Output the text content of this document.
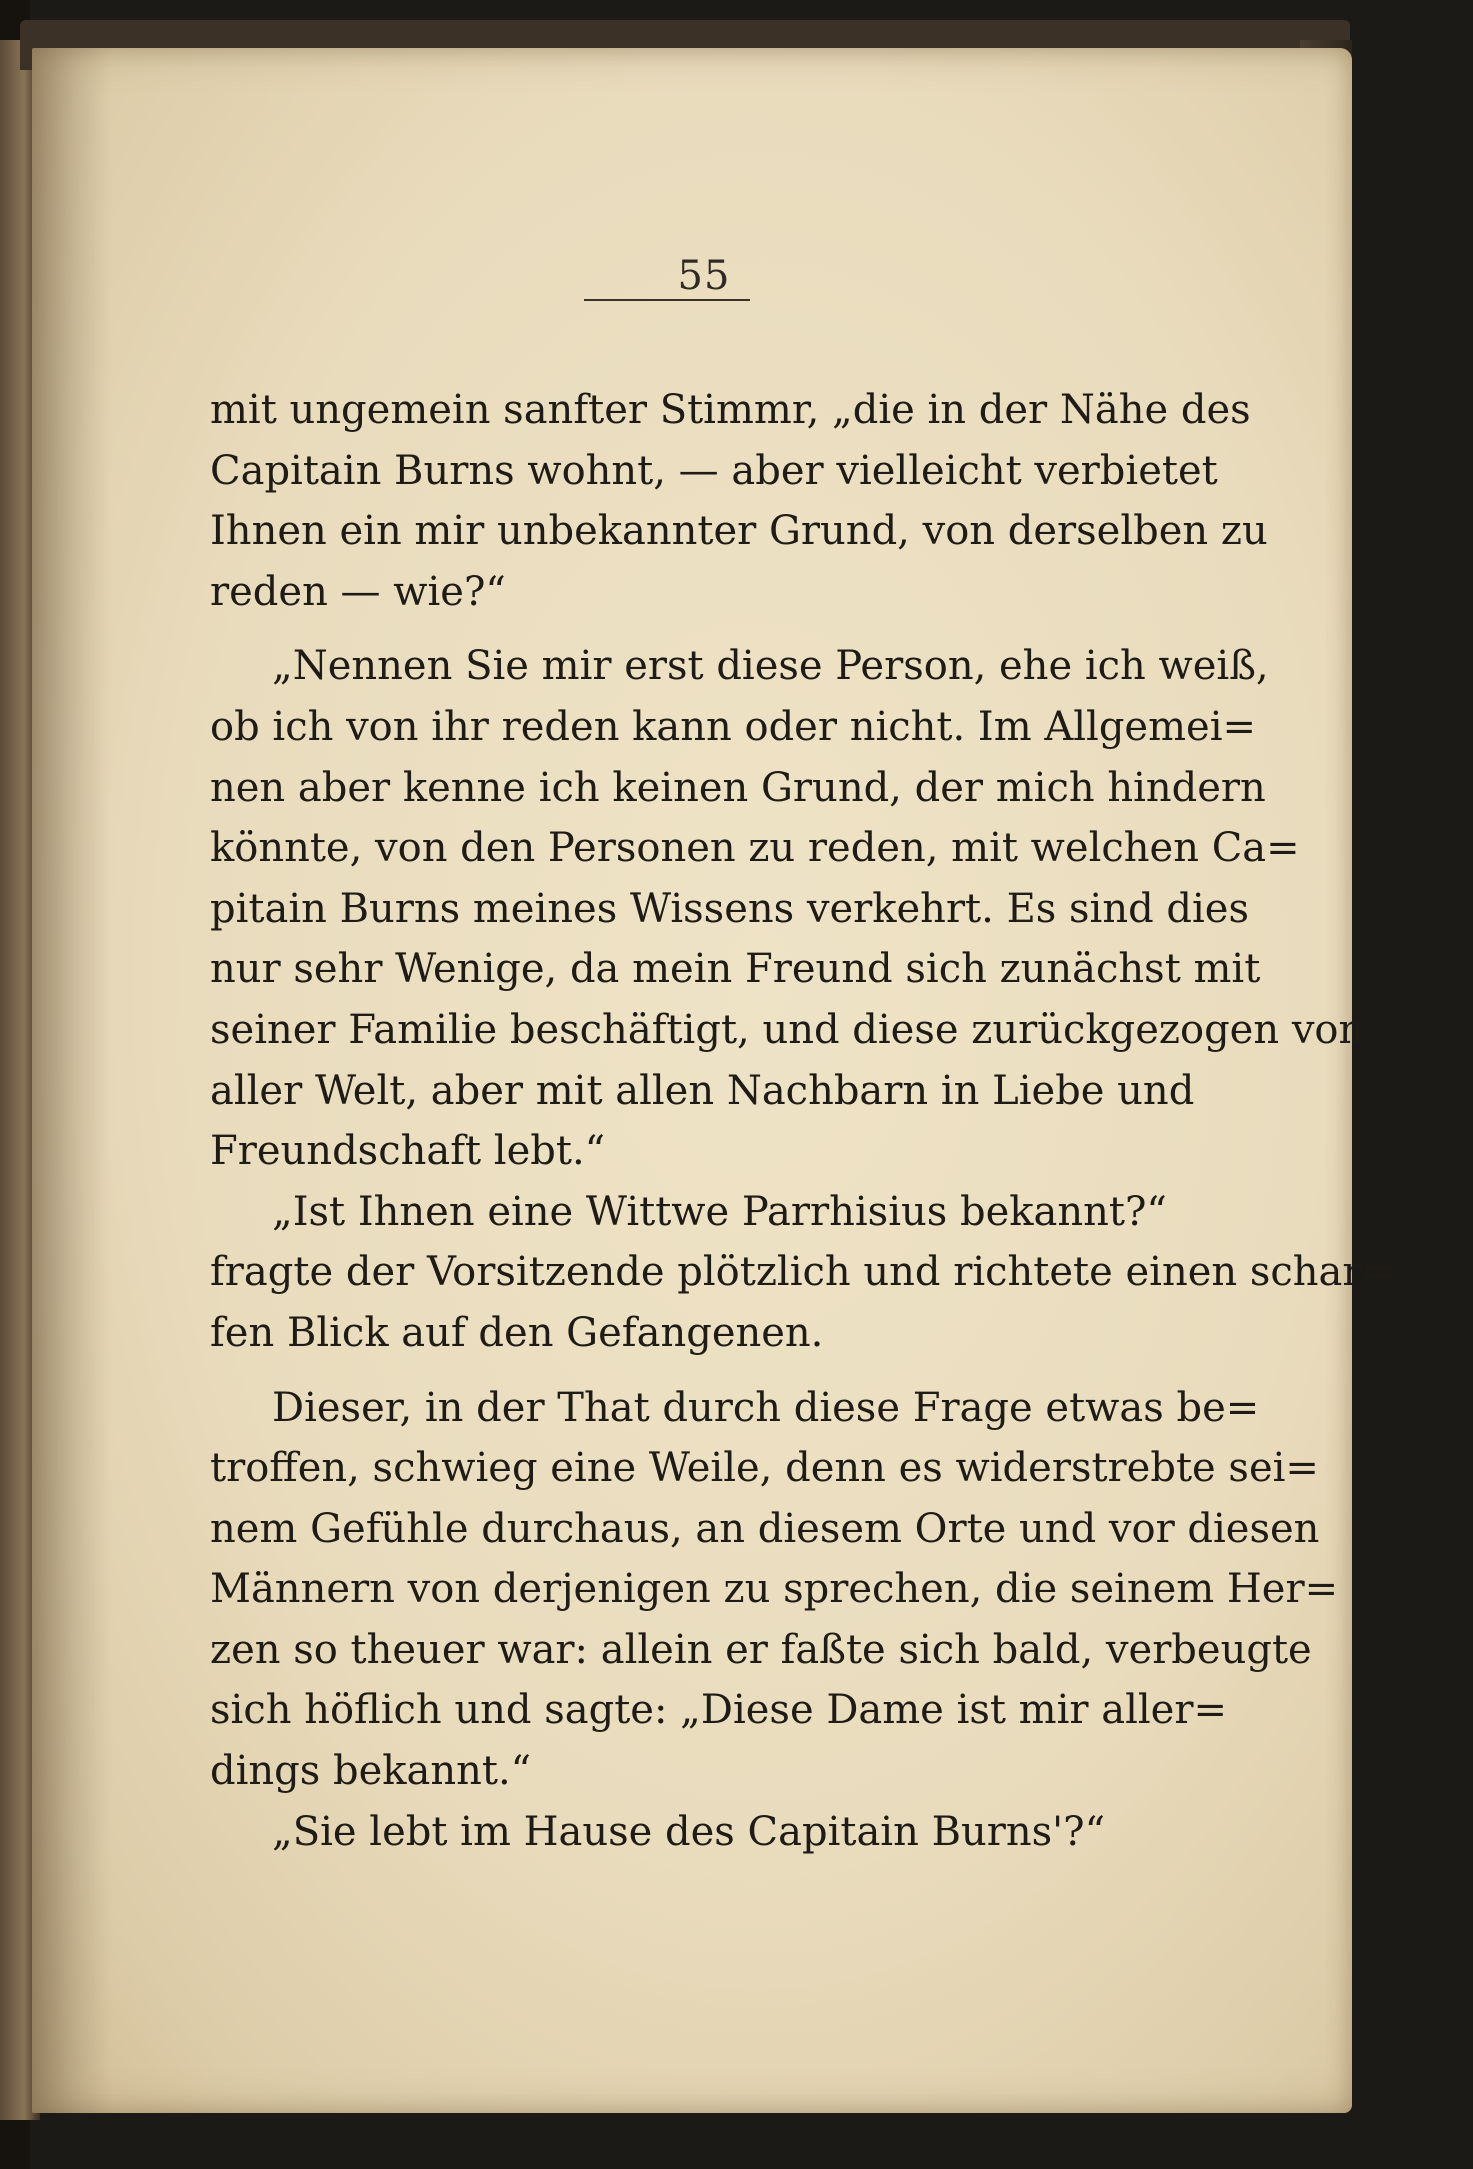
55
mit ungemein sanfter Stimmr, „die in der Nähe des
Capitain Burns wohnt, — aber vielleicht verbietet
Ihnen ein mir unbekannter Grund, von derselben zu
reden — wie?“
„Nennen Sie mir erst diese Person, ehe ich weiß,
ob ich von ihr reden kann oder nicht. Im Allgemei=
nen aber kenne ich keinen Grund, der mich hindern
könnte, von den Personen zu reden, mit welchen Ca=
pitain Burns meines Wissens verkehrt. Es sind dies
nur sehr Wenige, da mein Freund sich zunächst mit
seiner Familie beschäftigt, und diese zurückgezogen von
aller Welt, aber mit allen Nachbarn in Liebe und
Freundschaft lebt.“
„Ist Ihnen eine Wittwe Parrhisius bekannt?“
fragte der Vorsitzende plötzlich und richtete einen schar=
fen Blick auf den Gefangenen.
Dieser, in der That durch diese Frage etwas be=
troffen, schwieg eine Weile, denn es widerstrebte sei=
nem Gefühle durchaus, an diesem Orte und vor diesen
Männern von derjenigen zu sprechen, die seinem Her=
zen so theuer war: allein er faßte sich bald, verbeugte
sich höflich und sagte: „Diese Dame ist mir aller=
dings bekannt.“
„Sie lebt im Hause des Capitain Burns'?“
